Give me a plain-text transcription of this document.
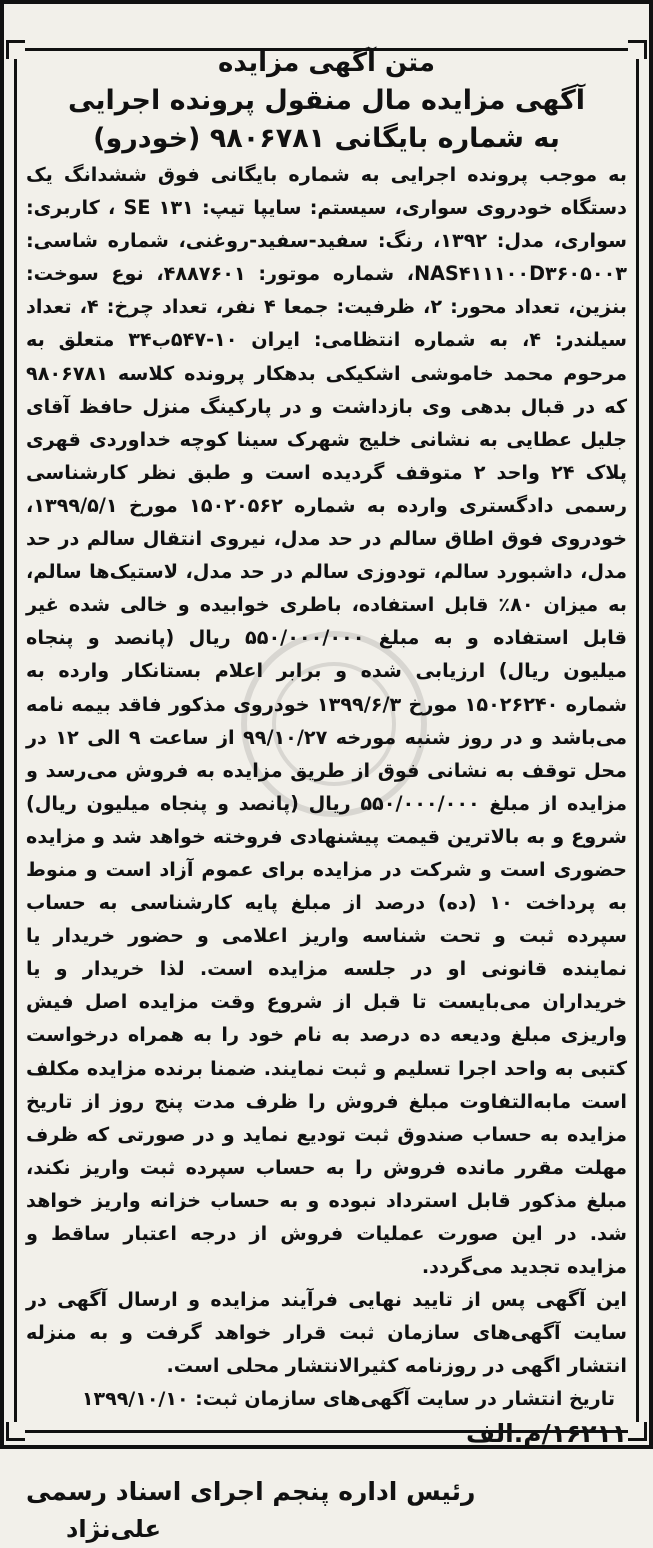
متن آگهی مزایده
آگهی مزایده مال منقول پرونده اجرایی
به شماره بایگانی ۹۸۰۶۷۸۱ (خودرو)

به موجب پرونده اجرایی به شماره بایگانی فوق ششدانگ یک دستگاه خودروی سواری، سیستم: سایپا تیپ: SE ۱۳۱ ، کاربری: سواری، مدل: ۱۳۹۲، رنگ: سفید-سفید-روغنی، شماره شاسی: NAS۴۱۱۱۰۰D۳۶۰۵۰۰۳، شماره موتور: ۴۸۸۷۶۰۱، نوع سوخت: بنزین، تعداد محور: ۲، ظرفیت: جمعا ۴ نفر، تعداد چرخ: ۴، تعداد سیلندر: ۴، به شماره انتظامی: ایران ۱۰-۵۴۷ب۳۴ متعلق به مرحوم محمد خاموشی اشکیکی بدهکار پرونده کلاسه ۹۸۰۶۷۸۱ که در قبال بدهی وی بازداشت و در پارکینگ منزل حافظ آقای جلیل عطایی به نشانی خلیج شهرک سینا کوچه خداوردی قهری پلاک ۲۴ واحد ۲ متوقف گردیده است و طبق نظر کارشناسی رسمی دادگستری وارده به شماره ۱۵۰۲۰۵۶۲ مورخ ۱۳۹۹/۵/۱، خودروی فوق اطاق سالم در حد مدل، نیروی انتقال سالم در حد مدل، داشبورد سالم، تودوزی سالم در حد مدل، لاستیک‌ها سالم، به میزان ۸۰٪ قابل استفاده، باطری خوابیده و خالی شده غیر قابل استفاده و به مبلغ ۵۵۰/۰۰۰/۰۰۰ ریال (پانصد و پنجاه میلیون ریال) ارزیابی شده و برابر اعلام بستانکار وارده به شماره ۱۵۰۲۶۲۴۰ مورخ ۱۳۹۹/۶/۳ خودروی مذکور فاقد بیمه نامه می‌باشد و در روز شنبه مورخه ۹۹/۱۰/۲۷ از ساعت ۹ الی ۱۲ در محل توقف به نشانی فوق از طریق مزایده به فروش می‌رسد و مزایده از مبلغ ۵۵۰/۰۰۰/۰۰۰ ریال (پانصد و پنجاه میلیون ریال) شروع و به بالاترین قیمت پیشنهادی فروخته خواهد شد و مزایده حضوری است و شرکت در مزایده برای عموم آزاد است و منوط به پرداخت ۱۰ (ده) درصد از مبلغ پایه کارشناسی به حساب سپرده ثبت و تحت شناسه واریز اعلامی و حضور خریدار یا نماینده قانونی او در جلسه مزایده است. لذا خریدار و یا خریداران می‌بایست تا قبل از شروع وقت مزایده اصل فیش واریزی مبلغ ودیعه ده درصد به نام خود را به همراه درخواست کتبی به واحد اجرا تسلیم و ثبت نمایند. ضمنا برنده مزایده مکلف است مابه‌التفاوت مبلغ فروش را ظرف مدت پنج روز از تاریخ مزایده به حساب صندوق ثبت تودیع نماید و در صورتی که ظرف مهلت مقرر مانده فروش را به حساب سپرده ثبت واریز نکند، مبلغ مذکور قابل استرداد نبوده و به حساب خزانه واریز خواهد شد. در این صورت عملیات فروش از درجه اعتبار ساقط و مزایده تجدید می‌گردد.

این آگهی پس از تایید نهایی فرآیند مزایده و ارسال آگهی در سایت آگهی‌های سازمان ثبت قرار خواهد گرفت و به منزله انتشار اگهی در روزنامه کثیرالانتشار محلی است.

تاریخ انتشار در سایت آگهی‌های سازمان ثبت: ۱۳۹۹/۱۰/۱۰
۱۶۲۱۱/م.الف
رئیس اداره پنجم اجرای اسناد رسمی
علی‌نژاد
